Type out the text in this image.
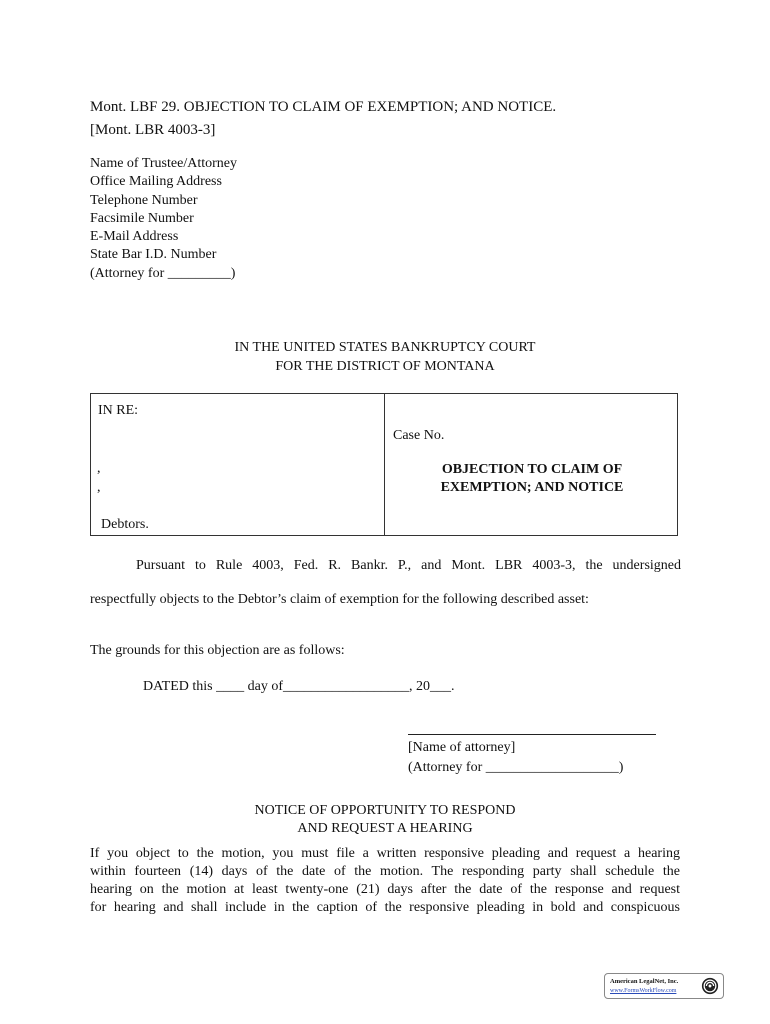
Mont. LBF 29. OBJECTION TO CLAIM OF EXEMPTION; AND NOTICE.
[Mont. LBR 4003-3]
Name of Trustee/Attorney
Office Mailing Address
Telephone Number
Facsimile Number
E-Mail Address
State Bar I.D. Number
(Attorney for _________)
IN THE UNITED STATES BANKRUPTCY COURT
FOR THE DISTRICT OF MONTANA
IN RE:
,
,
Debtors.
Case No.
OBJECTION TO CLAIM OF
EXEMPTION; AND NOTICE
Pursuant to Rule 4003, Fed. R. Bankr. P., and Mont. LBR 4003-3, the undersigned
respectfully objects to the Debtor’s claim of exemption for the following described asset:
The grounds for this objection are as follows:
DATED this ____ day of__________________, 20___.
[Name of attorney]
(Attorney for ___________________)
NOTICE OF OPPORTUNITY TO RESPOND
AND REQUEST A HEARING
If you object to the motion, you must file a written responsive pleading and request a hearing
within fourteen (14) days of the date of the motion. The responding party shall schedule the
hearing on the motion at least twenty-one (21) days after the date of the response and request
for hearing and shall include in the caption of the responsive pleading in bold and conspicuous
American LegalNet, Inc.
www.FormsWorkFlow.com
